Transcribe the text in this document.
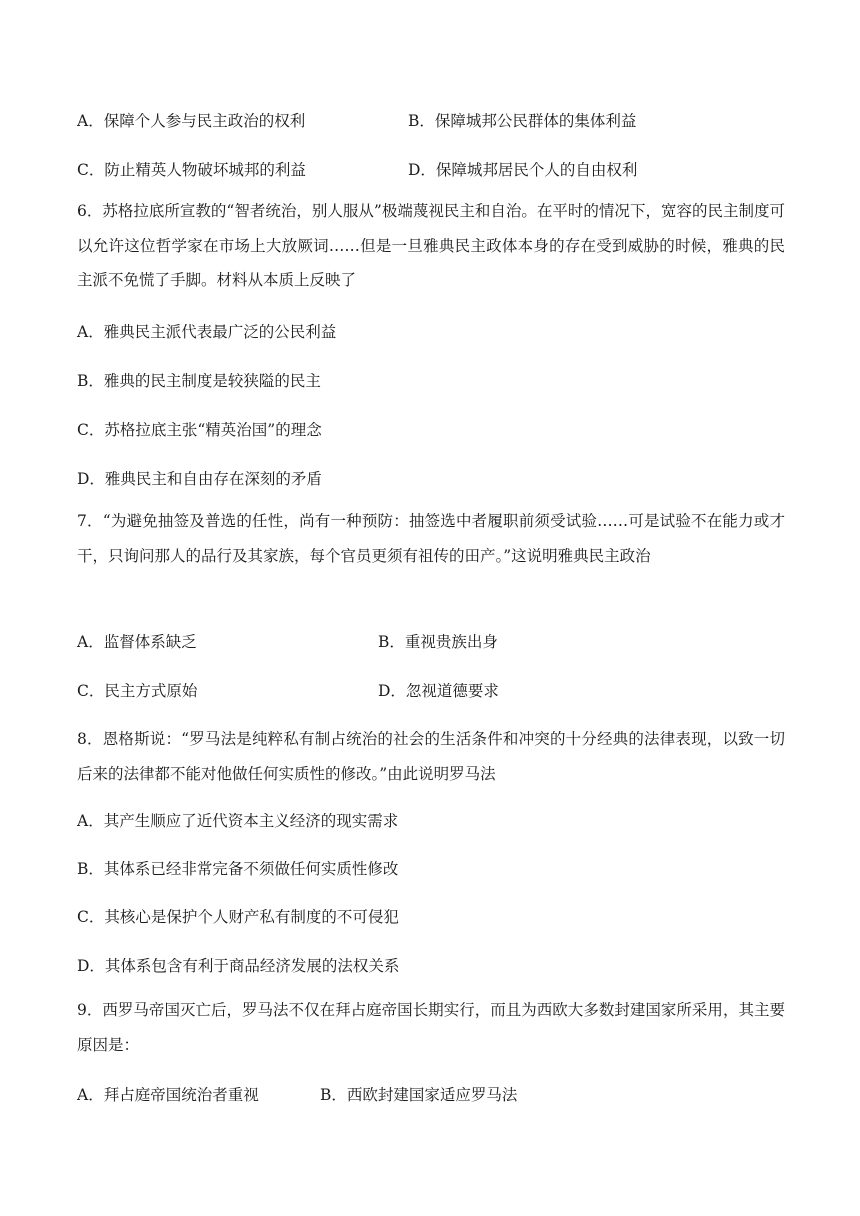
A．保障个人参与民主政治的权利	B．保障城邦公民群体的集体利益
C．防止精英人物破坏城邦的利益	D．保障城邦居民个人的自由权利
6．苏格拉底所宣教的“智者统治，别人服从”极端蔑视民主和自治。在平时的情况下，宽容的民主制度可以允许这位哲学家在市场上大放厥词……但是一旦雅典民主政体本身的存在受到威胁的时候，雅典的民主派不免慌了手脚。材料从本质上反映了
A．雅典民主派代表最广泛的公民利益
B．雅典的民主制度是较狭隘的民主
C．苏格拉底主张“精英治国”的理念
D．雅典民主和自由存在深刻的矛盾
7．“为避免抽签及普选的任性，尚有一种预防：抽签选中者履职前须受试验……可是试验不在能力或才干，只询问那人的品行及其家族，每个官员更须有祖传的田产。”这说明雅典民主政治
A．监督体系缺乏	B．重视贵族出身
C．民主方式原始	D．忽视道德要求
8．恩格斯说：“罗马法是纯粹私有制占统治的社会的生活条件和冲突的十分经典的法律表现，以致一切后来的法律都不能对他做任何实质性的修改。”由此说明罗马法
A．其产生顺应了近代资本主义经济的现实需求
B．其体系已经非常完备不须做任何实质性修改
C．其核心是保护个人财产私有制度的不可侵犯
D．其体系包含有利于商品经济发展的法权关系
9．西罗马帝国灭亡后，罗马法不仅在拜占庭帝国长期实行，而且为西欧大多数封建国家所采用，其主要原因是：
A．拜占庭帝国统治者重视	B．西欧封建国家适应罗马法
